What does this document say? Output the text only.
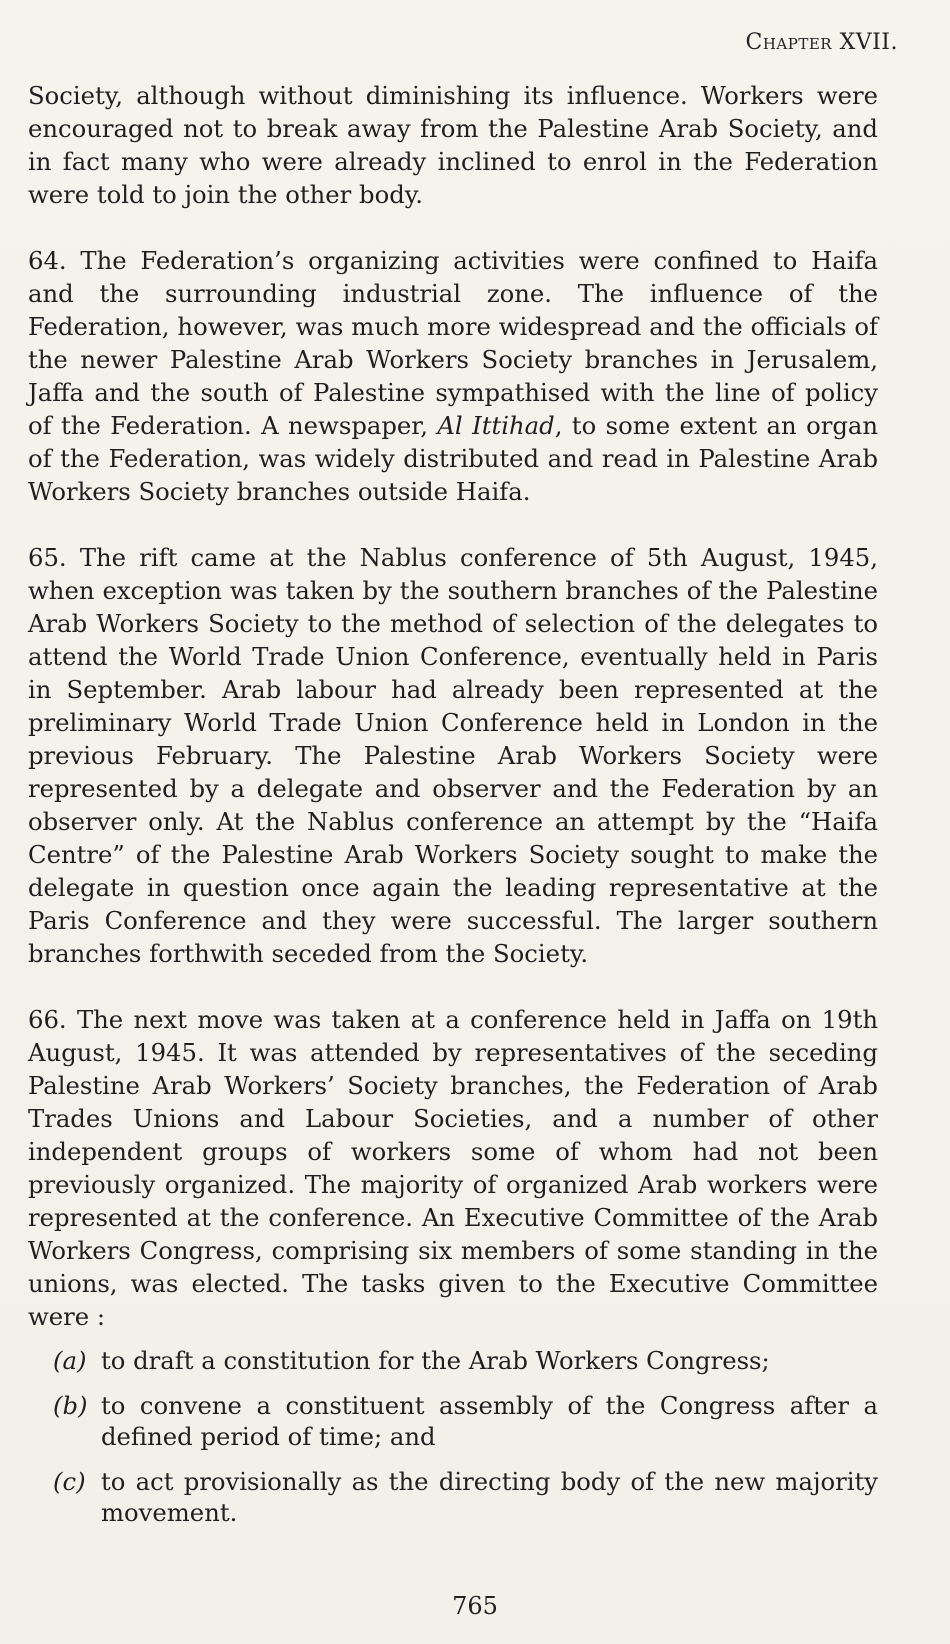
Chapter XVII.

Society, although without diminishing its influence. Workers were encouraged not to break away from the Palestine Arab Society, and in fact many who were already inclined to enrol in the Federation were told to join the other body.

64. The Federation’s organizing activities were confined to Haifa and the surrounding industrial zone. The influence of the Federation, however, was much more widespread and the officials of the newer Palestine Arab Workers Society branches in Jerusalem, Jaffa and the south of Palestine sympathised with the line of policy of the Federation. A newspaper, Al Ittihad, to some extent an organ of the Federation, was widely distributed and read in Palestine Arab Workers Society branches outside Haifa.

65. The rift came at the Nablus conference of 5th August, 1945, when exception was taken by the southern branches of the Palestine Arab Workers Society to the method of selection of the delegates to attend the World Trade Union Conference, eventually held in Paris in September. Arab labour had already been represented at the preliminary World Trade Union Conference held in London in the previous February. The Palestine Arab Workers Society were represented by a delegate and observer and the Federation by an observer only. At the Nablus conference an attempt by the “Haifa Centre” of the Palestine Arab Workers Society sought to make the delegate in question once again the leading representative at the Paris Conference and they were successful. The larger southern branches forthwith seceded from the Society.

66. The next move was taken at a conference held in Jaffa on 19th August, 1945. It was attended by representatives of the seceding Palestine Arab Workers’ Society branches, the Federation of Arab Trades Unions and Labour Societies, and a number of other independent groups of workers some of whom had not been previously organized. The majority of organized Arab workers were represented at the conference. An Executive Committee of the Arab Workers Congress, comprising six members of some standing in the unions, was elected. The tasks given to the Executive Committee were :

(a) to draft a constitution for the Arab Workers Congress;
(b) to convene a constituent assembly of the Congress after a defined period of time; and
(c) to act provisionally as the directing body of the new majority movement.
765
